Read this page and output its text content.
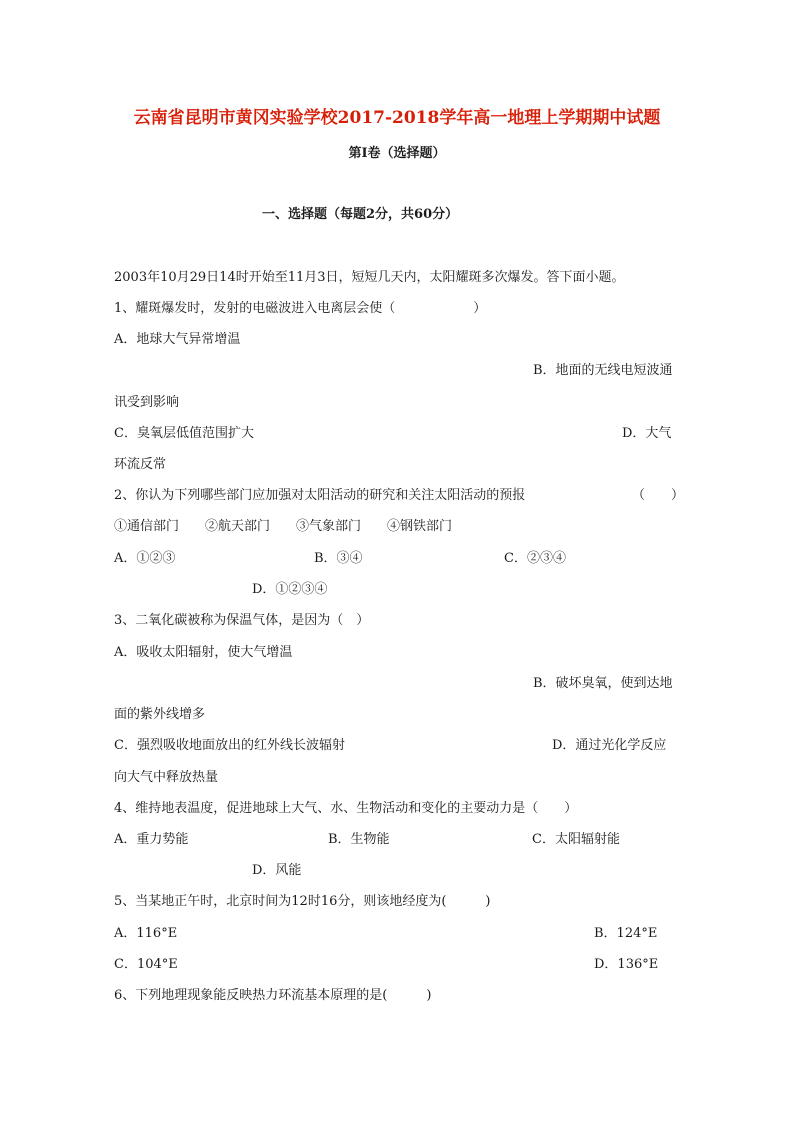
云南省昆明市黄冈实验学校2017-2018学年高一地理上学期期中试题
第Ⅰ卷（选择题）
一、选择题（每题2分，共60分）
2003年10月29日14时开始至11月3日，短短几天内，太阳耀斑多次爆发。答下面小题。
1、耀斑爆发时，发射的电磁波进入电离层会使（　　　　　　）
A．地球大气异常增温
B．地面的无线电短波通
讯受到影响
C．臭氧层低值范围扩大	D．大气
环流反常
2、你认为下列哪些部门应加强对太阳活动的研究和关注太阳活动的预报	（　　）
①通信部门　　②航天部门　　③气象部门　　④钢铁部门
A．①②③	B．③④	C．②③④
D．①②③④
3、二氧化碳被称为保温气体，是因为（　）
A．吸收太阳辐射，使大气增温
B．破坏臭氧，使到达地
面的紫外线增多
C．强烈吸收地面放出的红外线长波辐射	D．通过光化学反应
向大气中释放热量
4、维持地表温度，促进地球上大气、水、生物活动和变化的主要动力是（　　）
A．重力势能	B．生物能	C．太阳辐射能
D．风能
5、当某地正午时，北京时间为12时16分，则该地经度为(　　　)
A．116°E	B．124°E
C．104°E	D．136°E
6、下列地理现象能反映热力环流基本原理的是(　　　)
